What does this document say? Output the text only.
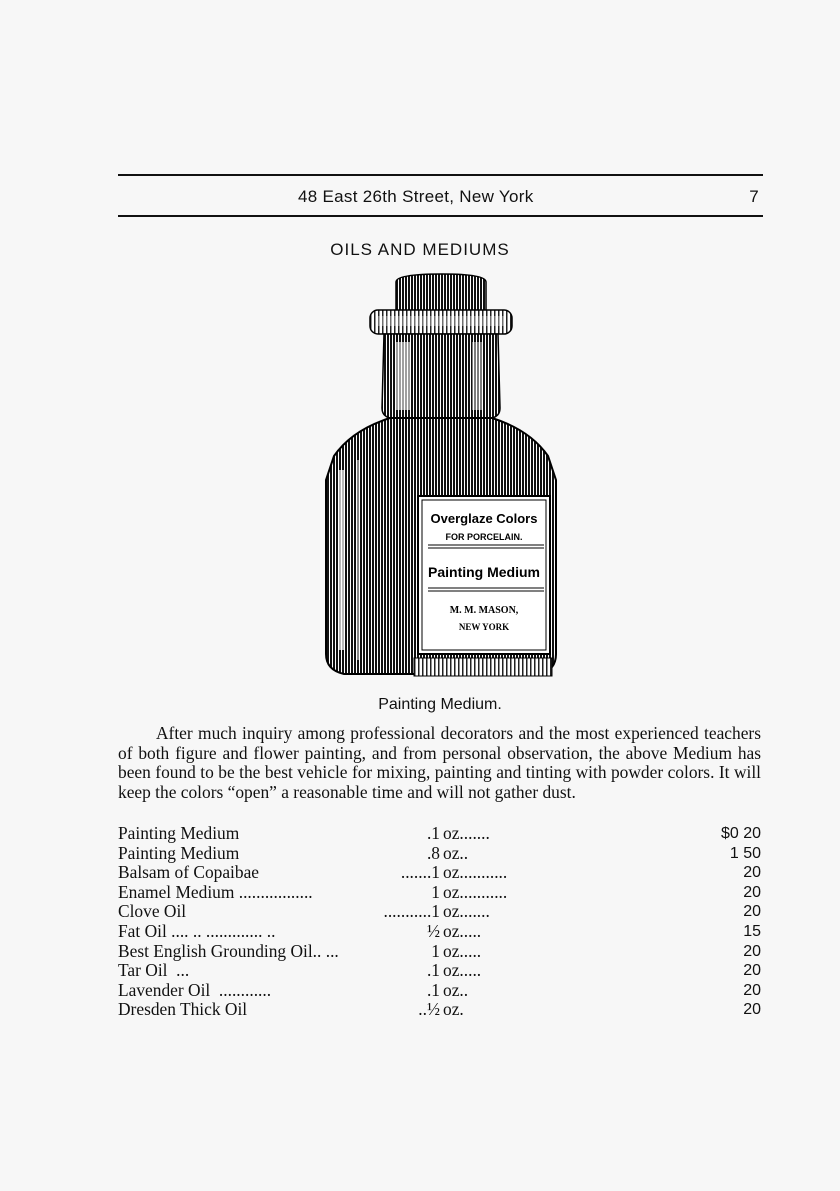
48 East 26th Street, New York	7
OILS AND MEDIUMS
Overglaze Colors
FOR PORCELAIN.
Painting Medium
M. M. MASON,
NEW YORK
Painting Medium.
After much inquiry among professional decorators and the most experienced teachers of both figure and flower painting, and from personal observation, the above Medium has been found to be the best vehicle for mixing, painting and tinting with powder colors. It will keep the colors “open” a reasonable time and will not gather dust.
Painting Medium	.1 oz.......	$0 20
Painting Medium	.8 oz..	1 50
Balsam of Copaibae	.......1 oz...........	20
Enamel Medium .................	1 oz...........	20
Clove Oil	...........1 oz.......	20
Fat Oil .... .. ............. ..	½ oz.....	15
Best English Grounding Oil.. ...	1 oz.....	20
Tar Oil  ...	.1 oz.....	20
Lavender Oil  ............	.1 oz..	20
Dresden Thick Oil	..½ oz.	20
